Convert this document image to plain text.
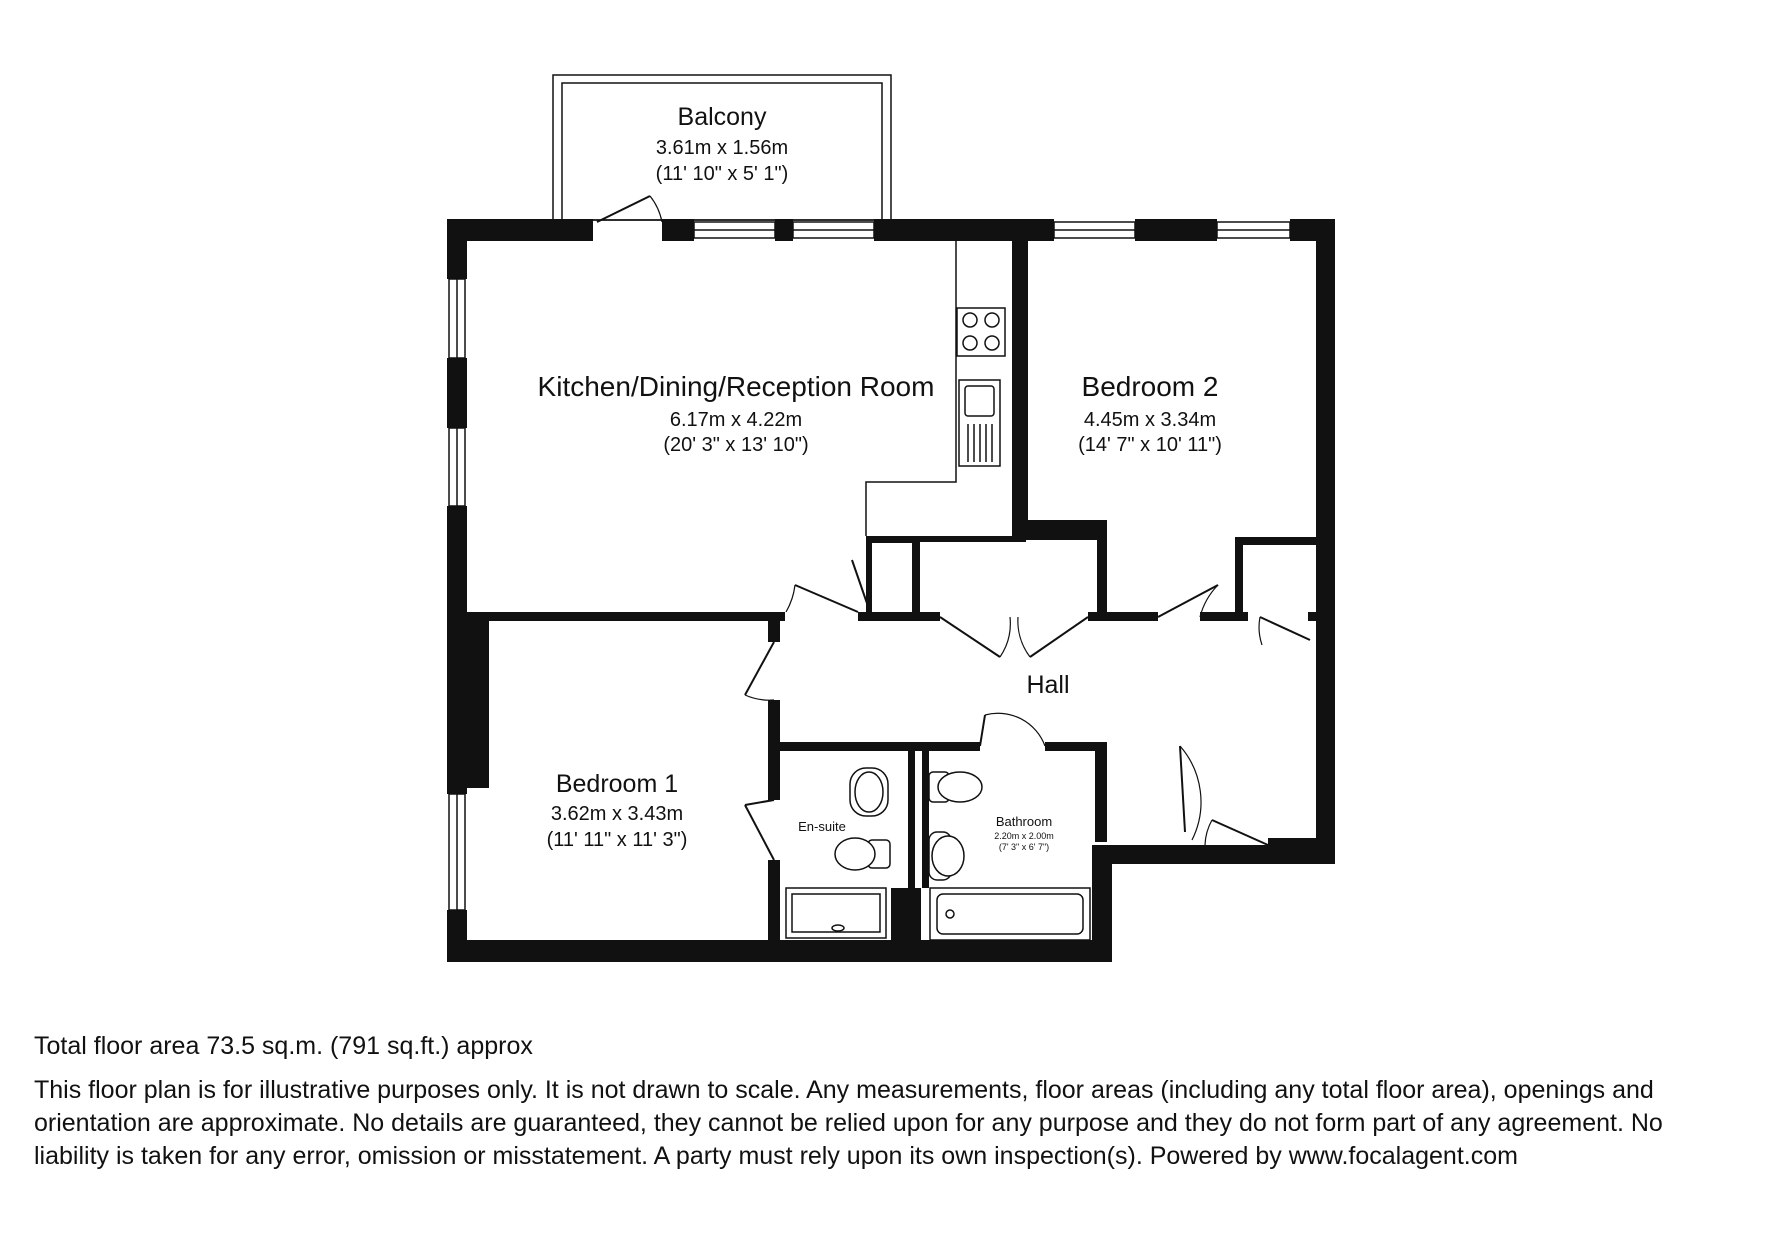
Balcony
3.61m x 1.56m
(11' 10" x 5' 1")
Kitchen/Dining/Reception Room
6.17m x 4.22m
(20' 3" x 13' 10")
Bedroom 2
4.45m x 3.34m
(14' 7" x 10' 11")
Hall
Bedroom 1
3.62m x 3.43m
(11' 11" x 11' 3")
En-suite	Bathroom
2.20m x 2.00m
(7' 3" x 6' 7")

Total floor area 73.5 sq.m. (791 sq.ft.) approx

This floor plan is for illustrative purposes only. It is not drawn to scale. Any measurements, floor areas (including any total floor area), openings and orientation are approximate. No details are guaranteed, they cannot be relied upon for any purpose and they do not form part of any agreement. No liability is taken for any error, omission or misstatement. A party must rely upon its own inspection(s). Powered by www.focalagent.com
